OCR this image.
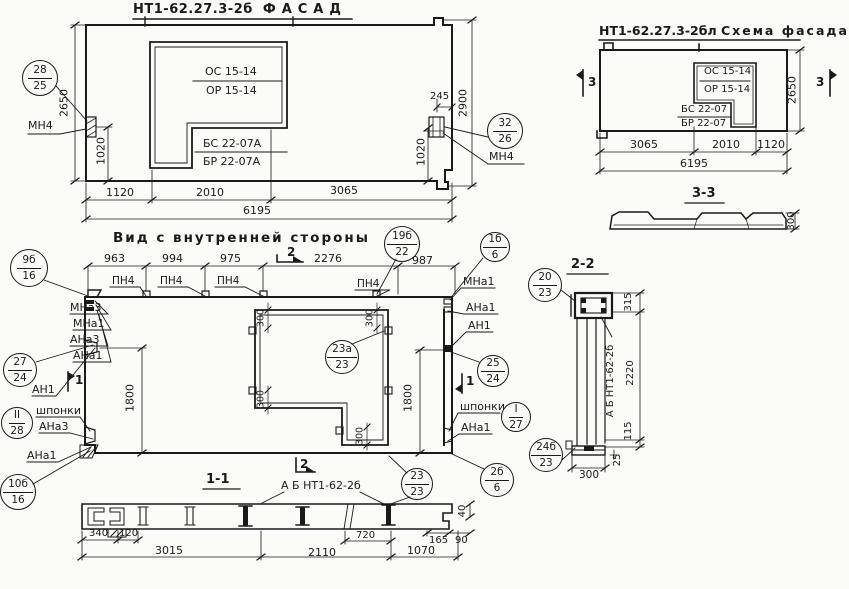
НТ1-62.27.3-2б ФАСАД
ОС 15-14
ОР 15-14
БС 22-07А
БР 22-07А
МН4
МН4
2650
1020	1020
2900
245
1120	2010	3065
6195
НТ1-62.27.3-2бл Схема фасада
ОС 15-14
ОР 15-14
БС 22-07
БР 22-07
3	3
2650
3065	2010 1120
6195
3-3
300
Вид с внутренней стороны
963	994	975	2276	987
ПН4 ПН4	ПН4	ПН4
2
2
1	1
МНа3
МНа1
АНа3
АНа1
АН1
шпонки
АНа3
АНа1
МНа1
АНа1
АН1
шпонки
АНа1
1800	1800
300	300
300
300
1-1	А Б НТ1-62-2б
340 120
3015	2110	1070
720	165 90
40
2-2
315
2220
115
25
300
А Б НТ1-62-2б
28
25
32
26
9б
16
27
24
II
28
10б
16
19б
22
1б
6
25
24
I
27
2б
6
23а
23
23
23
24б
23
20
23
